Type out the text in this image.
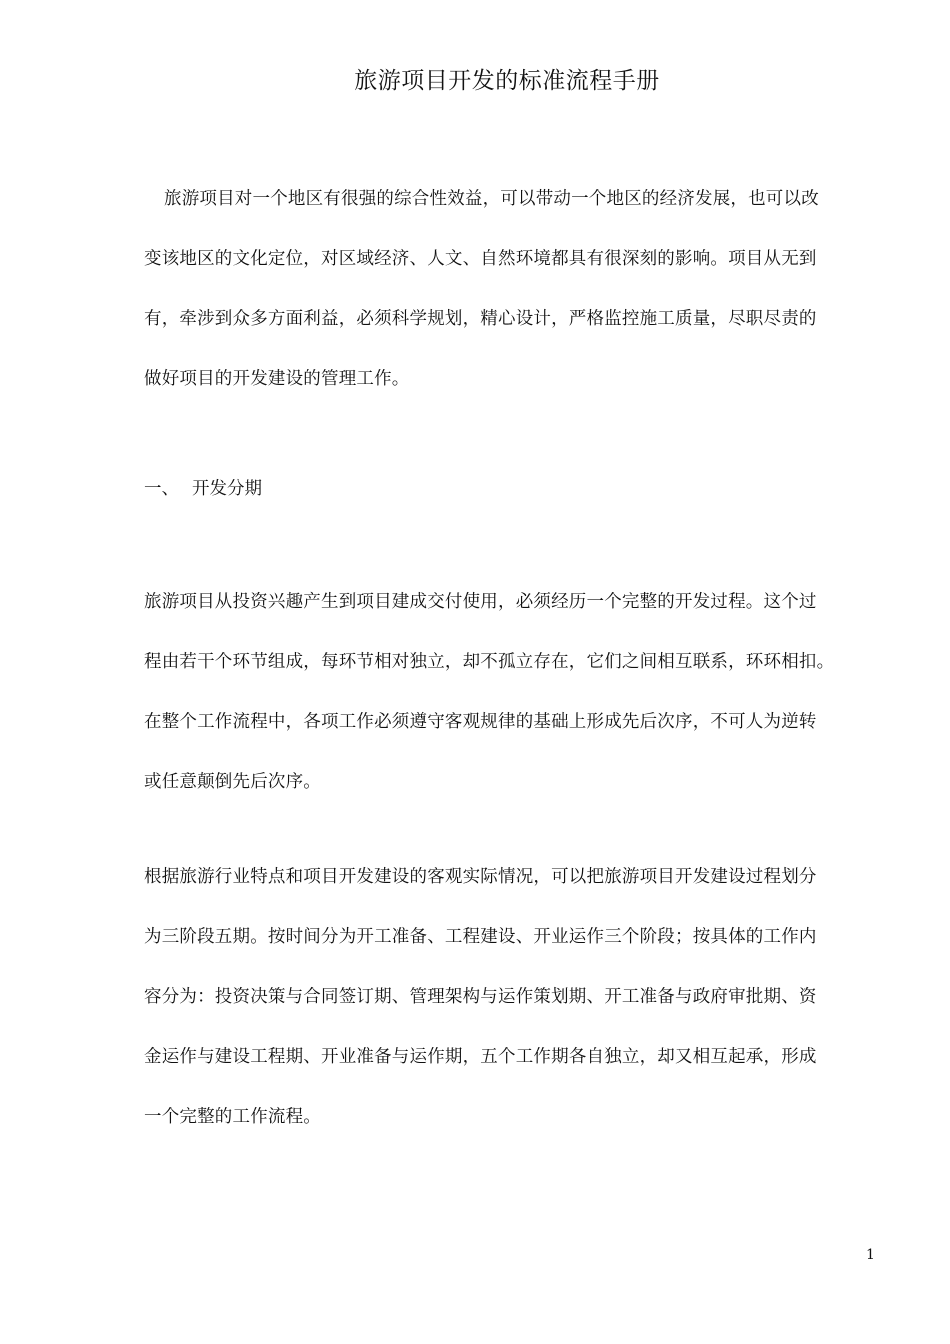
旅游项目开发的标准流程手册

旅游项目对一个地区有很强的综合性效益，可以带动一个地区的经济发展，也可以改
变该地区的文化定位，对区域经济、人文、自然环境都具有很深刻的影响。项目从无到
有，牵涉到众多方面利益，必须科学规划，精心设计，严格监控施工质量，尽职尽责的
做好项目的开发建设的管理工作。

一、 开发分期

旅游项目从投资兴趣产生到项目建成交付使用，必须经历一个完整的开发过程。这个过
程由若干个环节组成，每环节相对独立，却不孤立存在，它们之间相互联系，环环相扣。
在整个工作流程中，各项工作必须遵守客观规律的基础上形成先后次序，不可人为逆转
或任意颠倒先后次序。

根据旅游行业特点和项目开发建设的客观实际情况，可以把旅游项目开发建设过程划分
为三阶段五期。按时间分为开工准备、工程建设、开业运作三个阶段；按具体的工作内
容分为：投资决策与合同签订期、管理架构与运作策划期、开工准备与政府审批期、资
金运作与建设工程期、开业准备与运作期，五个工作期各自独立，却又相互起承，形成
一个完整的工作流程。

1
